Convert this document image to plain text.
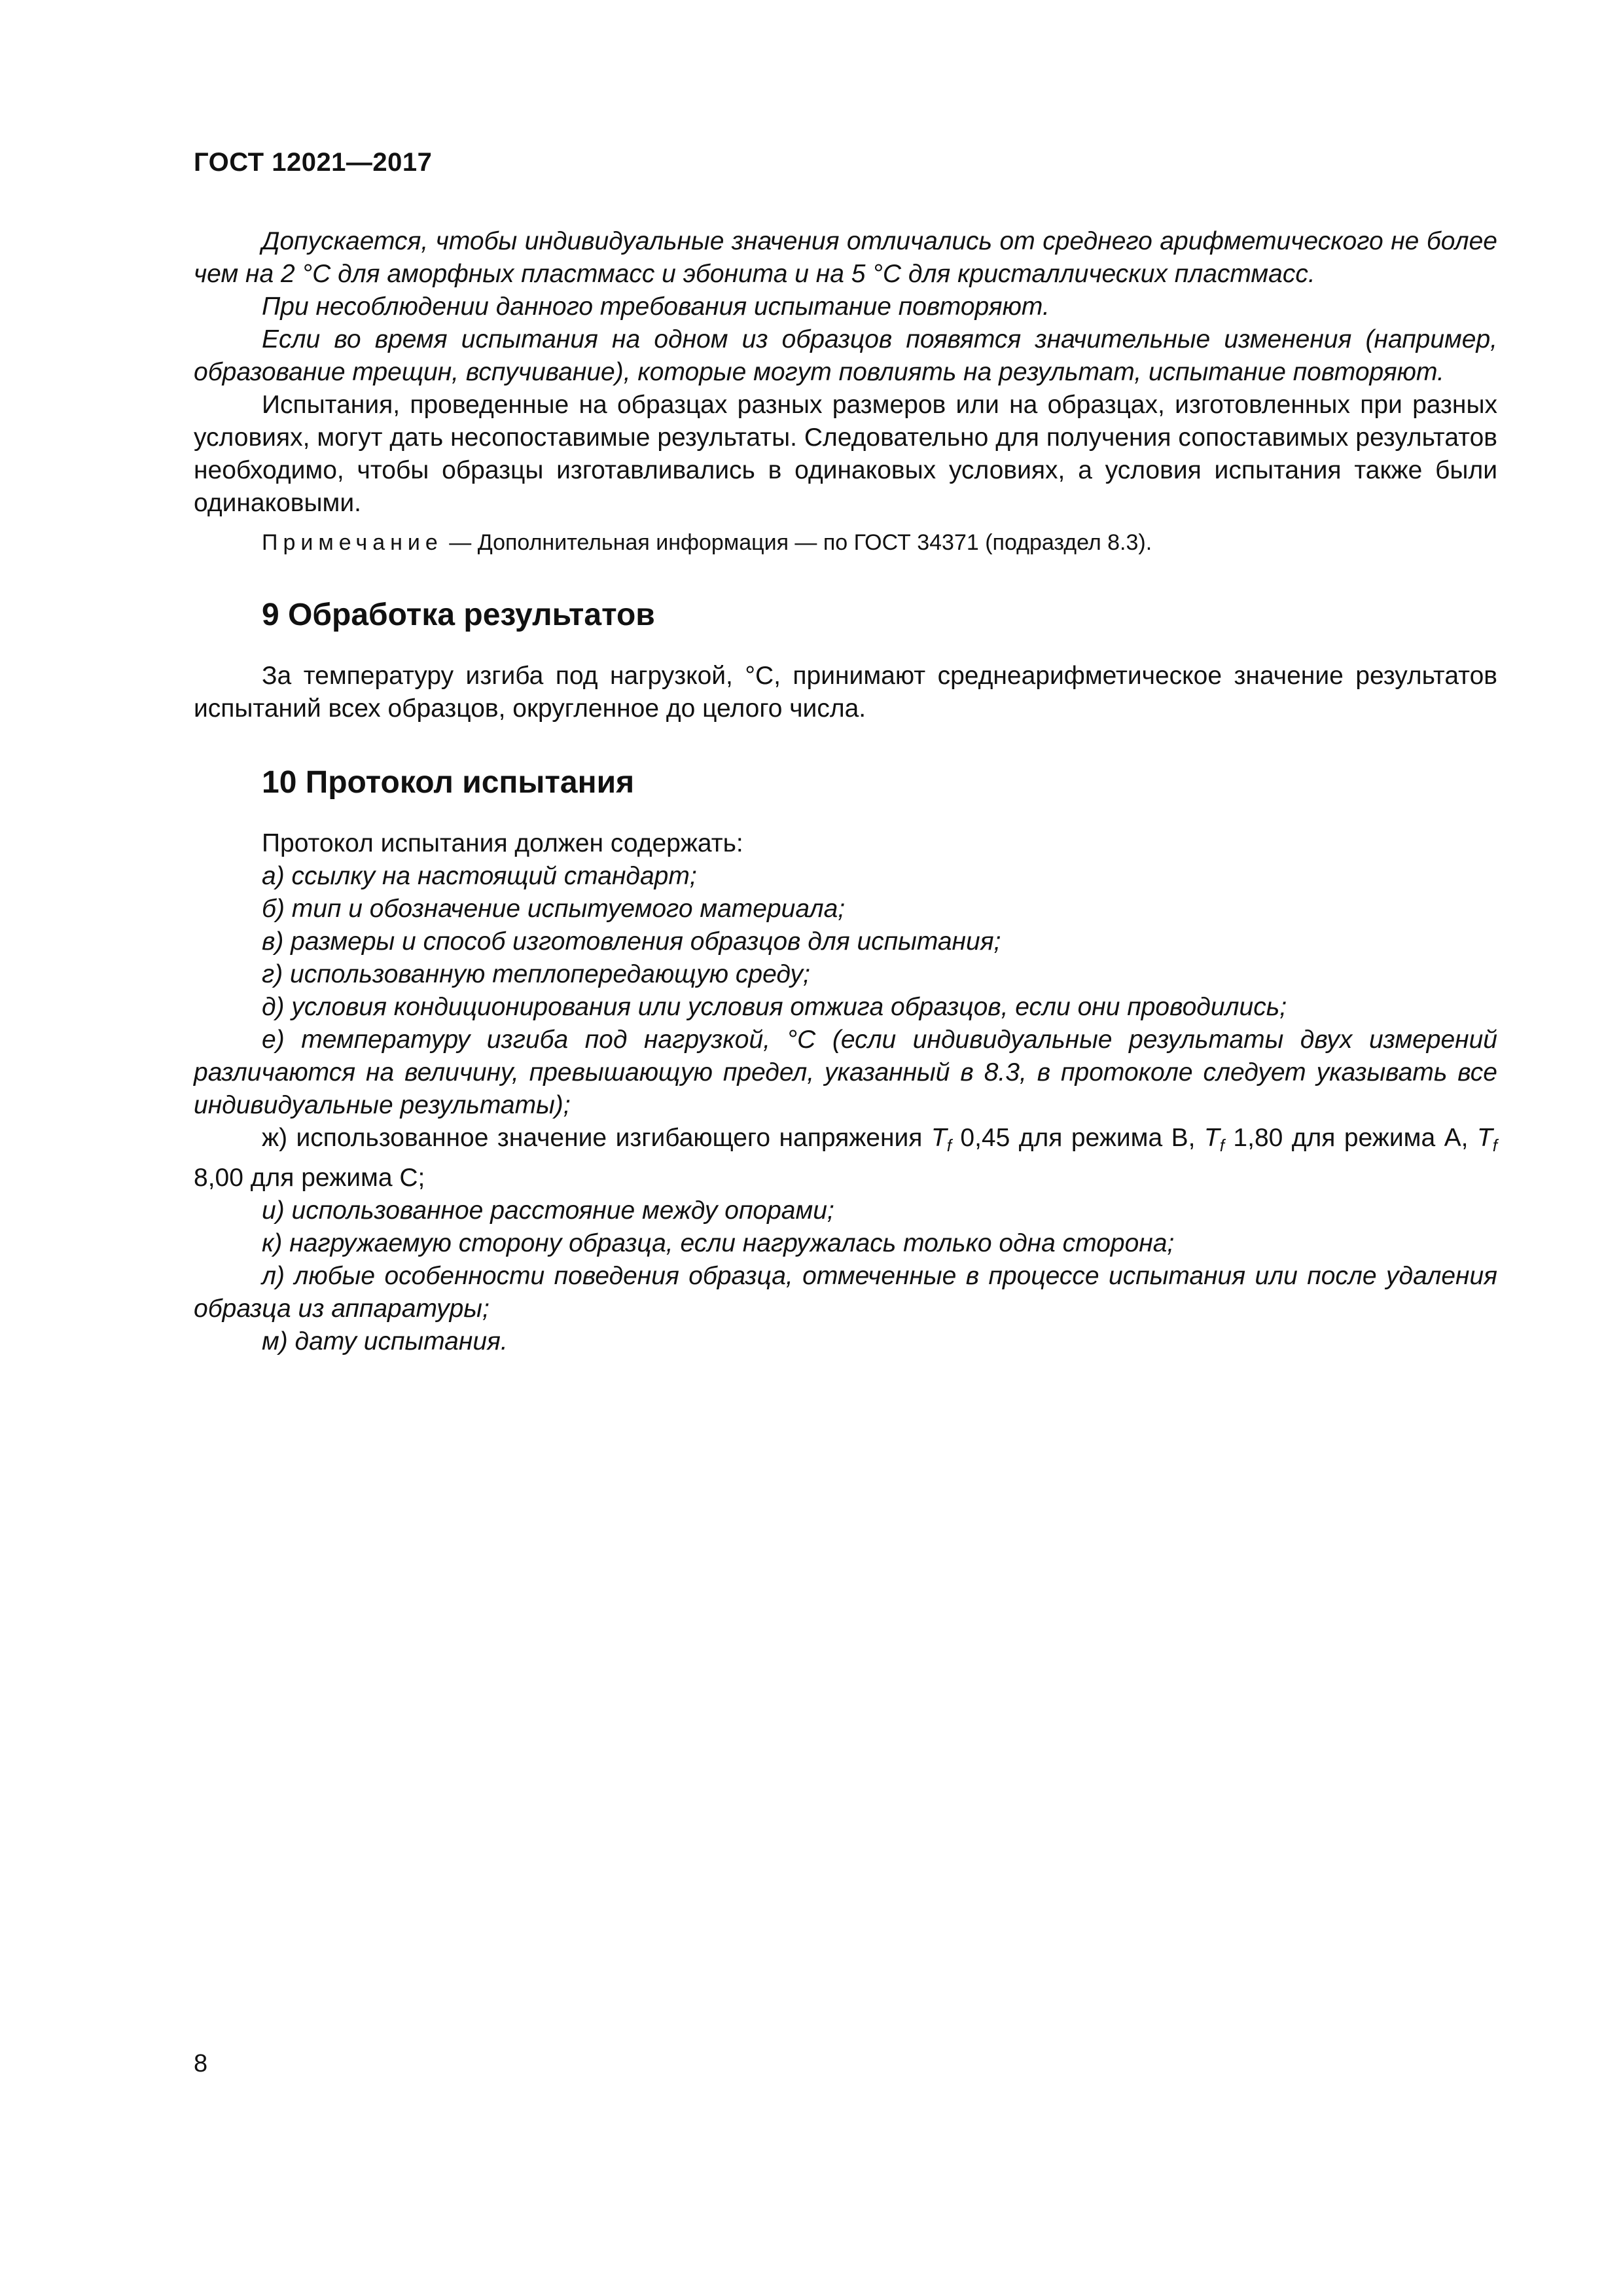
ГОСТ 12021—2017

Допускается, чтобы индивидуальные значения отличались от среднего арифметического не более чем на 2 °С для аморфных пластмасс и эбонита и на 5 °С для кристаллических пластмасс.

При несоблюдении данного требования испытание повторяют.

Если во время испытания на одном из образцов появятся значительные изменения (например, образование трещин, вспучивание), которые могут повлиять на результат, испытание повторяют.

Испытания, проведенные на образцах разных размеров или на образцах, изготовленных при разных условиях, могут дать несопоставимые результаты. Следовательно для получения сопоставимых результатов необходимо, чтобы образцы изготавливались в одинаковых условиях, а условия испытания также были одинаковыми.

Примечание — Дополнительная информация — по ГОСТ 34371 (подраздел 8.3).

9 Обработка результатов

За температуру изгиба под нагрузкой, °С, принимают среднеарифметическое значение результатов испытаний всех образцов, округленное до целого числа.

10 Протокол испытания

Протокол испытания должен содержать:

а) ссылку на настоящий стандарт;

б) тип и обозначение испытуемого материала;

в) размеры и способ изготовления образцов для испытания;

г) использованную теплопередающую среду;

д) условия кондиционирования или условия отжига образцов, если они проводились;

е) температуру изгиба под нагрузкой, °С (если индивидуальные результаты двух измерений различаются на величину, превышающую предел, указанный в 8.3, в протоколе следует указывать все индивидуальные результаты);

ж) использованное значение изгибающего напряжения $T_f$ 0,45 для режима В, $T_f$ 1,80 для режима А, $T_f$ 8,00 для режима С;

и) использованное расстояние между опорами;

к) нагружаемую сторону образца, если нагружалась только одна сторона;

л) любые особенности поведения образца, отмеченные в процессе испытания или после удаления образца из аппаратуры;

м) дату испытания.

8
